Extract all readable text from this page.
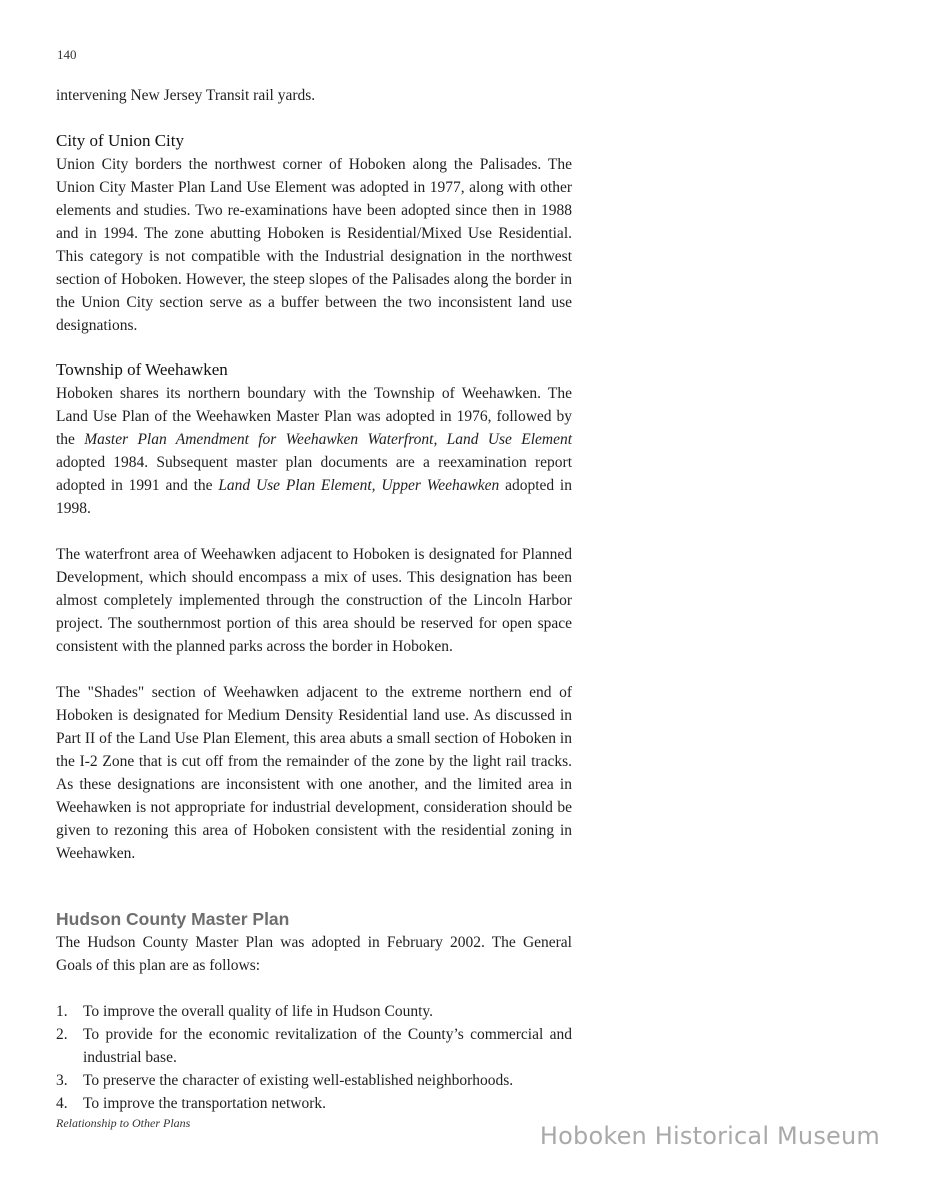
140

intervening New Jersey Transit rail yards.

City of Union City

Union City borders the northwest corner of Hoboken along the Palisades. The Union City Master Plan Land Use Element was adopted in 1977, along with other elements and studies. Two re-examinations have been adopted since then in 1988 and in 1994. The zone abutting Hoboken is Residential/Mixed Use Residential. This category is not compatible with the Industrial designation in the northwest section of Hoboken. However, the steep slopes of the Palisades along the border in the Union City section serve as a buffer between the two inconsistent land use designations.

Township of Weehawken

Hoboken shares its northern boundary with the Township of Weehawken. The Land Use Plan of the Weehawken Master Plan was adopted in 1976, followed by the Master Plan Amendment for Weehawken Waterfront, Land Use Element adopted 1984. Subsequent master plan documents are a reexamination report adopted in 1991 and the Land Use Plan Element, Upper Weehawken adopted in 1998.

The waterfront area of Weehawken adjacent to Hoboken is designated for Planned Development, which should encompass a mix of uses. This designation has been almost completely implemented through the construction of the Lincoln Harbor project. The southernmost portion of this area should be reserved for open space consistent with the planned parks across the border in Hoboken.

The "Shades" section of Weehawken adjacent to the extreme northern end of Hoboken is designated for Medium Density Residential land use. As discussed in Part II of the Land Use Plan Element, this area abuts a small section of Hoboken in the I-2 Zone that is cut off from the remainder of the zone by the light rail tracks. As these designations are inconsistent with one another, and the limited area in Weehawken is not appropriate for industrial development, consideration should be given to rezoning this area of Hoboken consistent with the residential zoning in Weehawken.

Hudson County Master Plan

The Hudson County Master Plan was adopted in February 2002. The General Goals of this plan are as follows:

1. To improve the overall quality of life in Hudson County.
2. To provide for the economic revitalization of the County’s commercial and industrial base.
3. To preserve the character of existing well-established neighborhoods.
4. To improve the transportation network.
Relationship to Other Plans	Hoboken Historical Museum
